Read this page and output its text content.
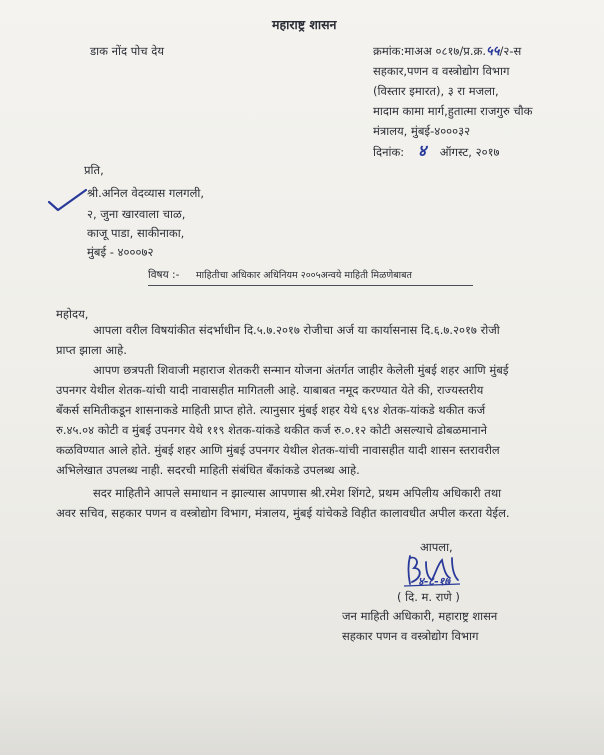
महाराष्ट्र शासन
डाक नोंद पोच देय	क्रमांक:माअअ ०८१७/प्र.क्र.५५/२-स
सहकार,पणन व वस्त्रोद्योग विभाग
(विस्तार इमारत), ३ रा मजला,
मादाम कामा मार्ग,हुतात्मा राजगुरु चौक
मंत्रालय, मुंबई-४०००३२
दिनांक: ४ ऑगस्ट, २०१७
प्रति,
श्री.अनिल वेदव्यास गलगली,
२, जुना खारवाला चाळ,
काजू पाडा, साकीनाका,
मुंबई - ४०००७२
विषय :- माहितीचा अधिकार अधिनियम २००५अन्वये माहिती मिळणेबाबत
महोदय,
आपला वरील विषयांकीत संदर्भाधीन दि.५.७.२०१७ रोजीचा अर्ज या कार्यासनास दि.६.७.२०१७ रोजी
प्राप्त झाला आहे.
आपण छत्रपती शिवाजी महाराज शेतकरी सन्मान योजना अंतर्गत जाहीर केलेली मुंबई शहर आणि मुंबई
उपनगर येथील शेतक-यांची यादी नावासहीत मागितली आहे. याबाबत नमूद करण्यात येते की, राज्यस्तरीय
बँकर्स समितीकडून शासनाकडे माहिती प्राप्त होते. त्यानुसार मुंबई शहर येथे ६९४ शेतक-यांकडे थकीत कर्ज
रु.४५.०४ कोटी व मुंबई उपनगर येथे ११९ शेतक-यांकडे थकीत कर्ज रु.०.१२ कोटी असल्याचे ढोबळमानाने
कळविण्यात आले होते. मुंबई शहर आणि मुंबई उपनगर येथील शेतक-यांची नावासहीत यादी शासन स्तरावरील
अभिलेखात उपलब्ध नाही. सदरची माहिती संबंधित बँकांकडे उपलब्ध आहे.
सदर माहितीने आपले समाधान न झाल्यास आपणास श्री.रमेश शिंगटे, प्रथम अपिलीय अधिकारी तथा
अवर सचिव, सहकार पणन व वस्त्रोद्योग विभाग, मंत्रालय, मुंबई यांचेकडे विहीत कालावधीत अपील करता येईल.
आपला,
४-८-१७
( दि. म. राणे )
जन माहिती अधिकारी, महाराष्ट्र शासन
सहकार पणन व वस्त्रोद्योग विभाग
